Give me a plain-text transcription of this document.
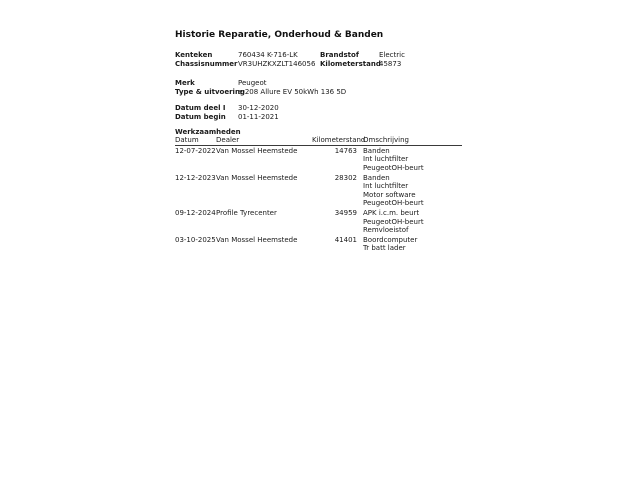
Historie Reparatie, Onderhoud & Banden
Kenteken	760434 K-716-LK	Brandstof	Electric
Chassisnummer VR3UHZKXZLT146056 Kilometerstand
45873
Merk	Peugeot
Type & uitvoering
e-208 Allure EV 50kWh 136 5D
Datum deel I	30-12-2020
Datum begin	01-11-2021
Werkzaamheden
Datum	Dealer	Kilometerstand
Omschrijving
12-07-2022 Van Mossel Heemstede	14763 Banden
Int luchtfilter
PeugeotOH-beurt
12-12-2023 Van Mossel Heemstede	28302 Banden
Int luchtfilter
Motor software
PeugeotOH-beurt
09-12-2024 Profile Tyrecenter	34959 APK i.c.m. beurt
PeugeotOH-beurt
Remvloeistof
03-10-2025 Van Mossel Heemstede	41401 Boordcomputer
Tr batt lader
